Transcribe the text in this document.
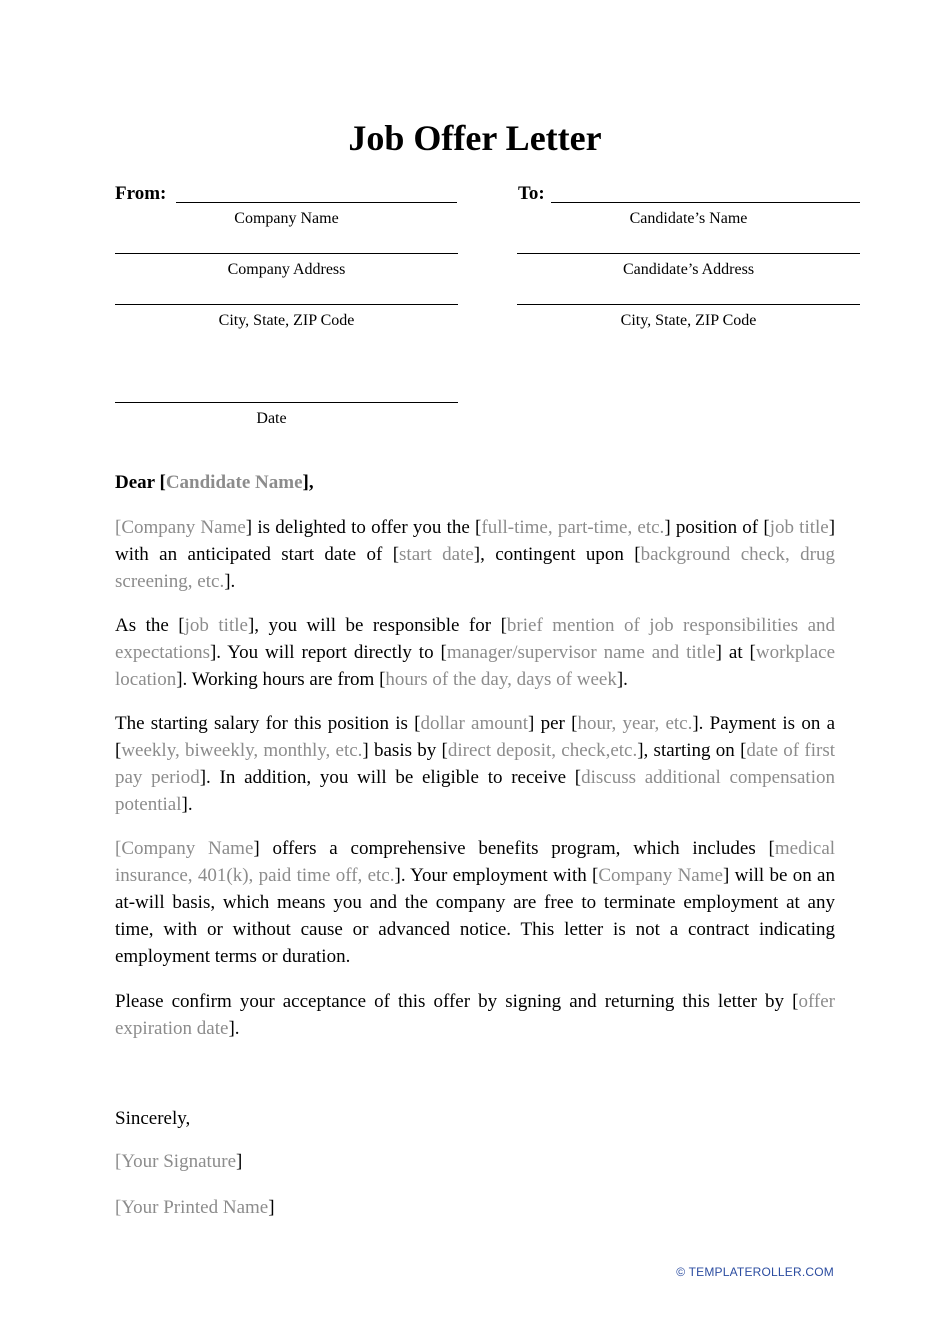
Job Offer Letter
From:
Company Name
Company Address
City, State, ZIP Code
Date
To:
Candidate’s Name
Candidate’s Address
City, State, ZIP Code
Dear [Candidate Name],
[Company Name] is delighted to offer you the [full-time, part-time, etc.] position of [job title] with an anticipated start date of [start date], contingent upon [background check, drug screening, etc.].
As the [job title], you will be responsible for [brief mention of job responsibilities and expectations]. You will report directly to [manager/supervisor name and title] at [workplace location]. Working hours are from [hours of the day, days of week].
The starting salary for this position is [dollar amount] per [hour, year, etc.]. Payment is on a [weekly, biweekly, monthly, etc.] basis by [direct deposit, check,etc.], starting on [date of first pay period]. In addition, you will be eligible to receive [discuss additional compensation potential].
[Company Name] offers a comprehensive benefits program, which includes [medical insurance, 401(k), paid time off, etc.]. Your employment with [Company Name] will be on an at-will basis, which means you and the company are free to terminate employment at any time, with or without cause or advanced notice. This letter is not a contract indicating employment terms or duration.
Please confirm your acceptance of this offer by signing and returning this letter by [offer expiration date].
Sincerely,
[Your Signature]
[Your Printed Name]
© TEMPLATEROLLER.COM
